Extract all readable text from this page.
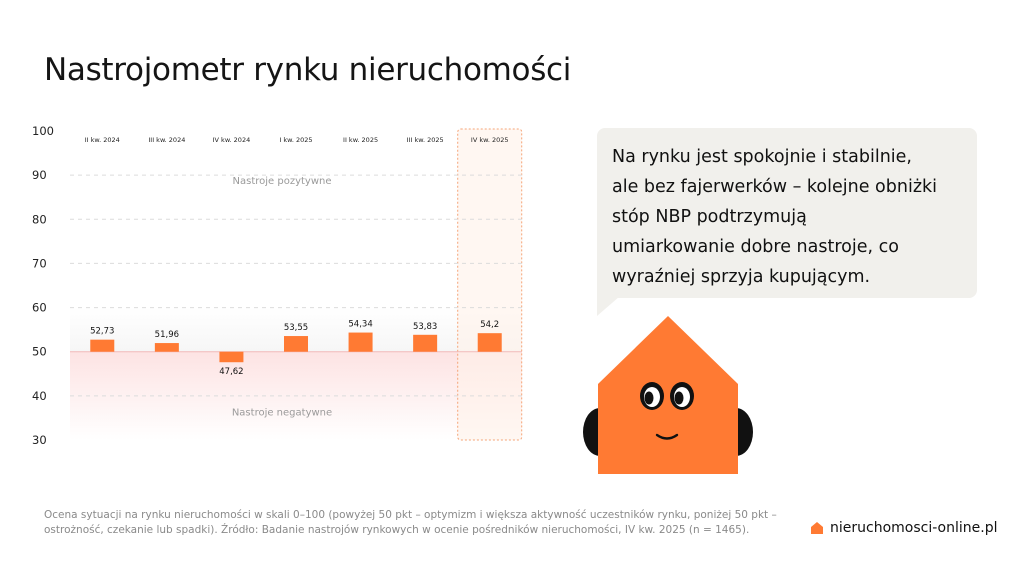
Nastrojometr rynku nieruchomości
30
40
50
60
70
80
90
100
Nastroje pozytywne
Nastroje negatywne
II kw. 2024
52,73
III kw. 2024
51,96
IV kw. 2024
47,62
I kw. 2025
53,55
II kw. 2025
54,34
III kw. 2025
53,83
IV kw. 2025
54,2

Na rynku jest spokojnie i stabilnie,
ale bez fajerwerków – kolejne obniżki
stóp NBP podtrzymują
umiarkowanie dobre nastroje, co
wyraźniej sprzyja kupującym.

Ocena sytuacji na rynku nieruchomości w skali 0–100 (powyżej 50 pkt – optymizm i większa aktywność uczestników rynku, poniżej 50 pkt – ostrożność, czekanie lub spadki). Źródło: Badanie nastrojów rynkowych w ocenie pośredników nieruchomości, IV kw. 2025 (n = 1465).	nieruchomosci-online.pl
